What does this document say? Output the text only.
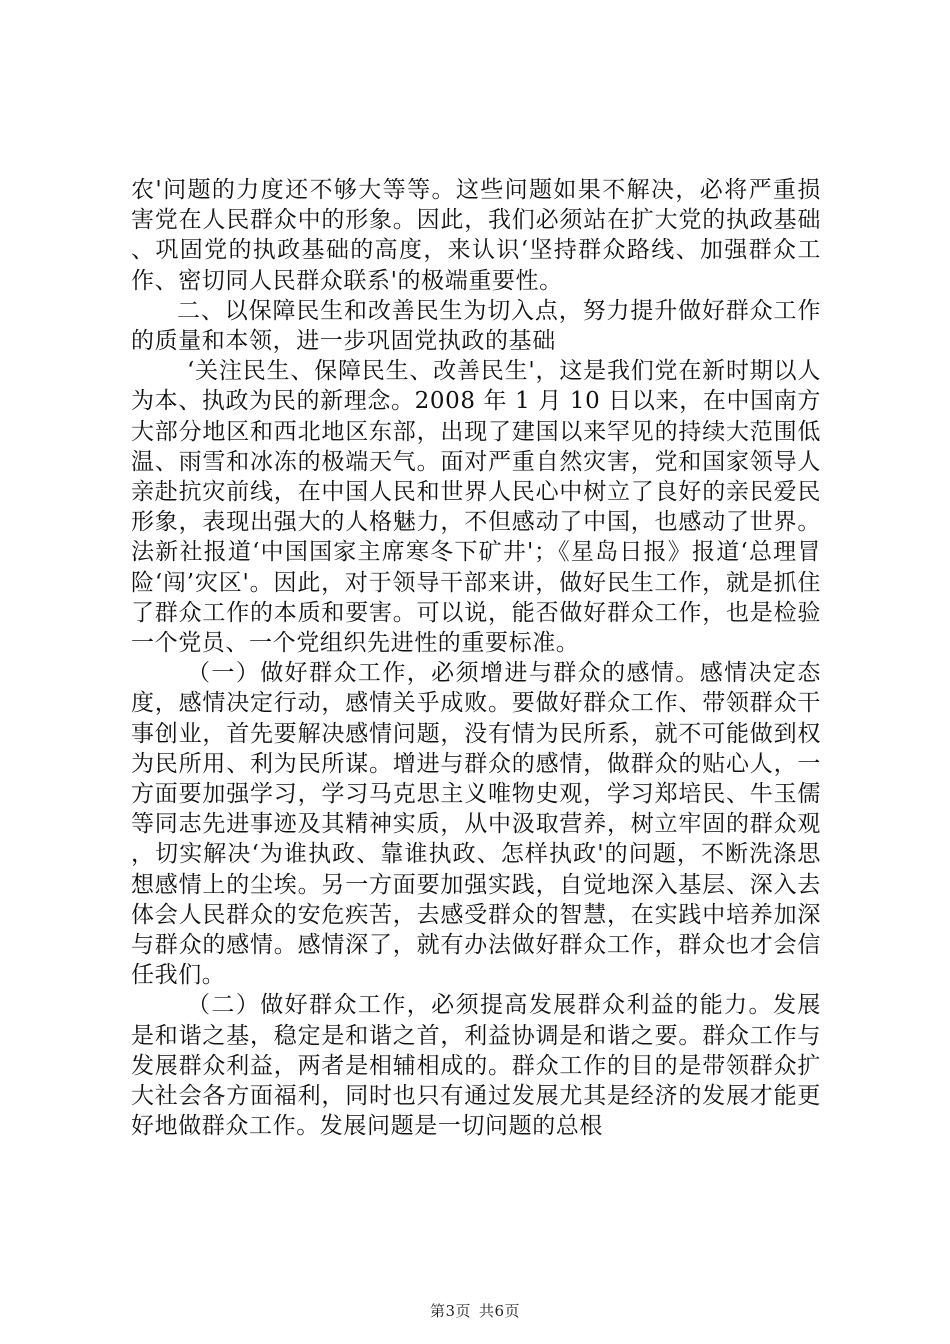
农'问题的力度还不够大等等。这些问题如果不解决，必将严重损害党在人民群众中的形象。因此，我们必须站在扩大党的执政基础、巩固党的执政基础的高度，来认识‘坚持群众路线、加强群众工作、密切同人民群众联系'的极端重要性。

二、以保障民生和改善民生为切入点，努力提升做好群众工作的质量和本领，进一步巩固党执政的基础

‘关注民生、保障民生、改善民生'，这是我们党在新时期以人为本、执政为民的新理念。2008 年 1 月 10 日以来，在中国南方大部分地区和西北地区东部，出现了建国以来罕见的持续大范围低温、雨雪和冰冻的极端天气。面对严重自然灾害，党和国家领导人亲赴抗灾前线，在中国人民和世界人民心中树立了良好的亲民爱民形象，表现出强大的人格魅力，不但感动了中国，也感动了世界。法新社报道‘中国国家主席寒冬下矿井'；《星岛日报》报道‘总理冒险‘闯’灾区'。因此，对于领导干部来讲，做好民生工作，就是抓住了群众工作的本质和要害。可以说，能否做好群众工作，也是检验一个党员、一个党组织先进性的重要标准。

（一）做好群众工作，必须增进与群众的感情。感情决定态度，感情决定行动，感情关乎成败。要做好群众工作、带领群众干事创业，首先要解决感情问题，没有情为民所系，就不可能做到权为民所用、利为民所谋。增进与群众的感情，做群众的贴心人，一方面要加强学习，学习马克思主义唯物史观，学习郑培民、牛玉儒等同志先进事迹及其精神实质，从中汲取营养，树立牢固的群众观，切实解决‘为谁执政、靠谁执政、怎样执政'的问题，不断洗涤思想感情上的尘埃。另一方面要加强实践，自觉地深入基层、深入去体会人民群众的安危疾苦，去感受群众的智慧，在实践中培养加深与群众的感情。感情深了，就有办法做好群众工作，群众也才会信任我们。

（二）做好群众工作，必须提高发展群众利益的能力。发展是和谐之基，稳定是和谐之首，利益协调是和谐之要。群众工作与发展群众利益，两者是相辅相成的。群众工作的目的是带领群众扩大社会各方面福利，同时也只有通过发展尤其是经济的发展才能更好地做群众工作。发展问题是一切问题的总根

第3页 共6页
